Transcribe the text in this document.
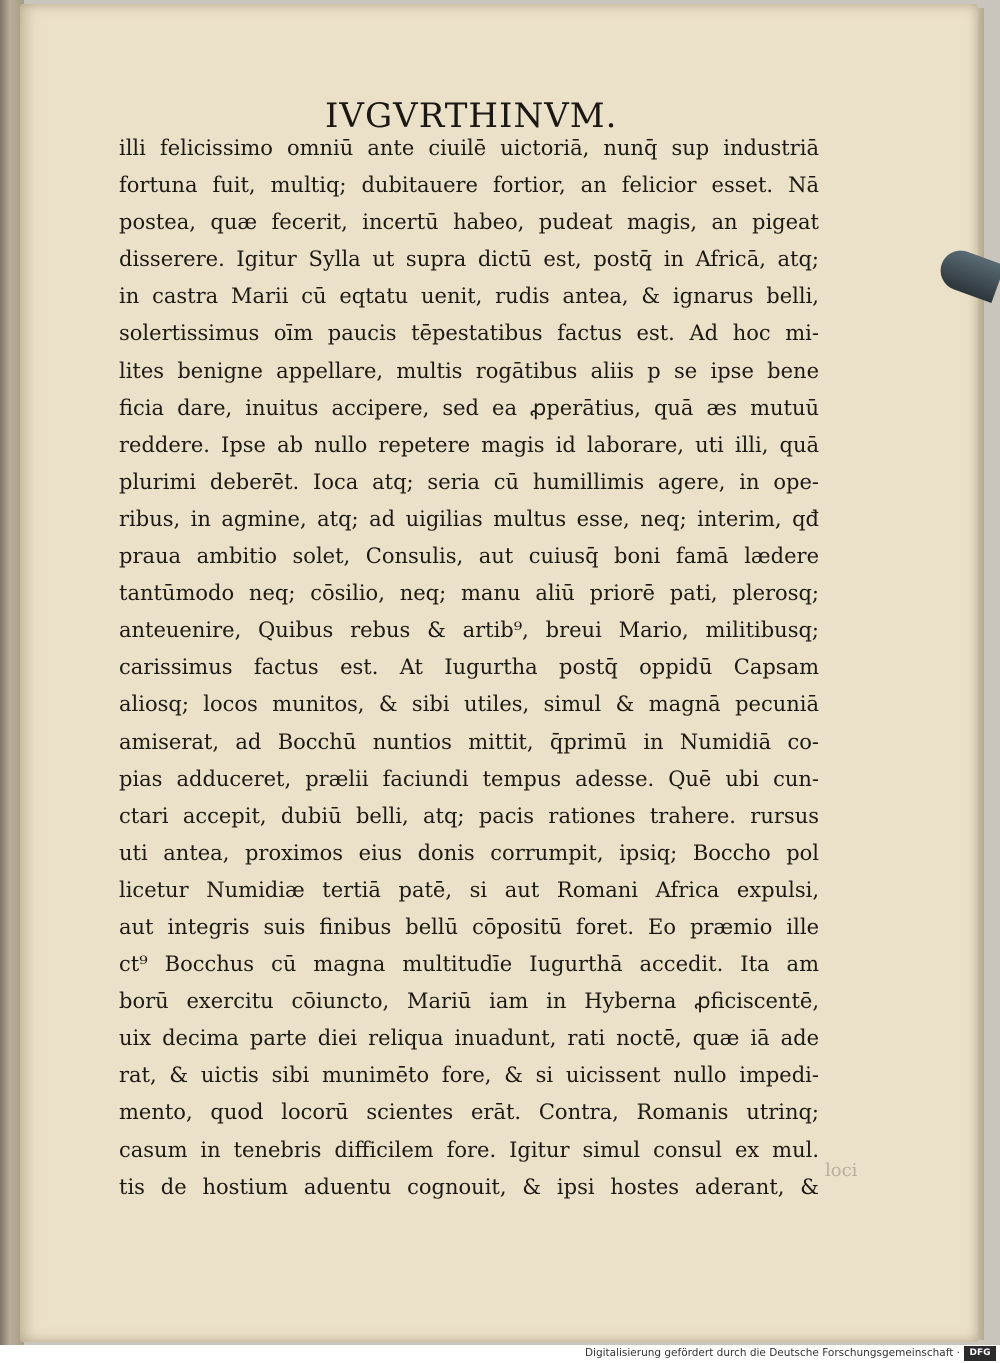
IVGVRTHINVM.
illi felicissimo omniū ante ciuilē uictoriā, nunq̄ sup industriā
fortuna fuit, multiq; dubitauere fortior, an felicior esset. Nā
postea, quæ fecerit, incertū habeo, pudeat magis, an pigeat
disserere. Igitur Sylla ut supra dictū est, postq̄ in Africā, atq;
in castra Marii cū eqtatu uenit, rudis antea, & ignarus belli,
solertissimus oīm paucis tēpestatibus factus est. Ad hoc mi-
lites benigne appellare, multis rogātibus aliis p se ipse bene
ficia dare, inuitus accipere, sed ea ꝓperātius, quā æs mutuū
reddere. Ipse ab nullo repetere magis id laborare, uti illi, quā
plurimi deberēt. Ioca atq; seria cū humillimis agere, in ope-
ribus, in agmine, atq; ad uigilias multus esse, neq; interim, qđ
praua ambitio solet, Consulis, aut cuiusq̄ boni famā lædere
tantūmodo neq; cōsilio, neq; manu aliū priorē pati, plerosq;
anteuenire, Quibus rebus & artib⁹, breui Mario, militibusq;
carissimus factus est. At Iugurtha postq̄ oppidū Capsam
aliosq; locos munitos, & sibi utiles, simul & magnā pecuniā
amiserat, ad Bocchū nuntios mittit, q̄primū in Numidiā co-
pias adduceret, prælii faciundi tempus adesse. Quē ubi cun-
ctari accepit, dubiū belli, atq; pacis rationes trahere. rursus
uti antea, proximos eius donis corrumpit, ipsiq; Boccho pol
licetur Numidiæ tertiā patē, si aut Romani Africa expulsi,
aut integris suis finibus bellū cōpositū foret. Eo præmio ille
ct⁹ Bocchus cū magna multitudīe Iugurthā accedit. Ita am
borū exercitu cōiuncto, Mariū iam in Hyberna ꝓficiscentē,
uix decima parte diei reliqua inuadunt, rati noctē, quæ iā ade
rat, & uictis sibi munimēto fore, & si uicissent nullo impedi-
mento, quod locorū scientes erāt. Contra, Romanis utrinq;
casum in tenebris difficilem fore. Igitur simul consul ex mul.
tis de hostium aduentu cognouit, & ipsi hostes aderant, &
loci
Digitalisierung gefördert durch die Deutsche Forschungsgemeinschaft ·	DFG
